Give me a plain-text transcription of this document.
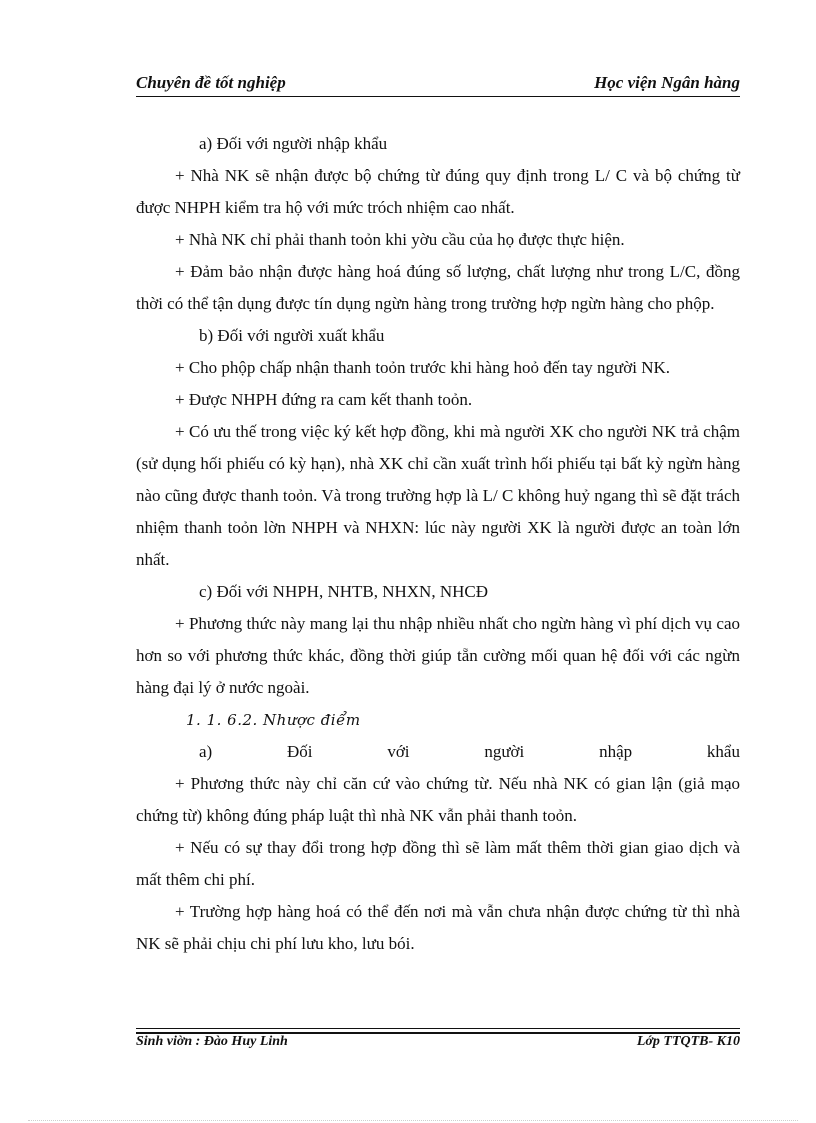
Chuyên đề tốt nghiệp	Học viện Ngân hàng

a) Đối với người nhập khẩu

+ Nhà NK sẽ nhận được bộ chứng từ đúng quy định trong L/ C và bộ chứng từ được NHPH kiểm tra hộ với mức tróch nhiệm cao nhất.

+ Nhà NK chỉ phải thanh toỏn khi yờu cầu của họ được thực hiện.

+ Đảm bảo nhận được hàng hoá đúng số lượng, chất lượng như trong L/C, đồng thời có thể tận dụng được tín dụng ngừn hàng trong trường hợp ngừn hàng cho phộp.

b) Đối với người xuất khẩu

+ Cho phộp chấp nhận thanh toỏn trước khi hàng hoỏ đến tay người NK.

+ Được NHPH đứng ra cam kết thanh toỏn.

+ Có ưu thế trong việc ký kết hợp đồng, khi mà người XK cho người NK trả chậm (sử dụng hối phiếu có kỳ hạn), nhà XK chỉ cần xuất trình hối phiếu tại bất kỳ ngừn hàng nào cũng được thanh toỏn. Và trong trường hợp là L/ C không huỷ ngang thì sẽ đặt trách nhiệm thanh toỏn lờn NHPH và NHXN: lúc này người XK là người được an toàn lớn nhất.

c) Đối với NHPH, NHTB, NHXN, NHCĐ

+ Phương thức này mang lại thu nhập nhiều nhất cho ngừn hàng vì phí dịch vụ cao hơn so với phương thức khác, đồng thời giúp tẵn cường mối quan hệ đối với các ngừn hàng đại lý ở nước ngoài.

1. 1. 6.2. Nhược điểm

a)	Đối	với	người	nhập	khẩu

+ Phương thức này chỉ căn cứ vào chứng từ. Nếu nhà NK có gian lận (giả mạo chứng từ) không đúng pháp luật thì nhà NK vẫn phải thanh toỏn.

+ Nếu có sự thay đổi trong hợp đồng thì sẽ làm mất thêm thời gian giao dịch và mất thêm chi phí.

+ Trường hợp hàng hoá có thể đến nơi mà vẫn chưa nhận được chứng từ thì nhà NK sẽ phải chịu chi phí lưu kho, lưu bói.

Sinh viờn : Đào Huy Linh	Lớp TTQTB- K10
